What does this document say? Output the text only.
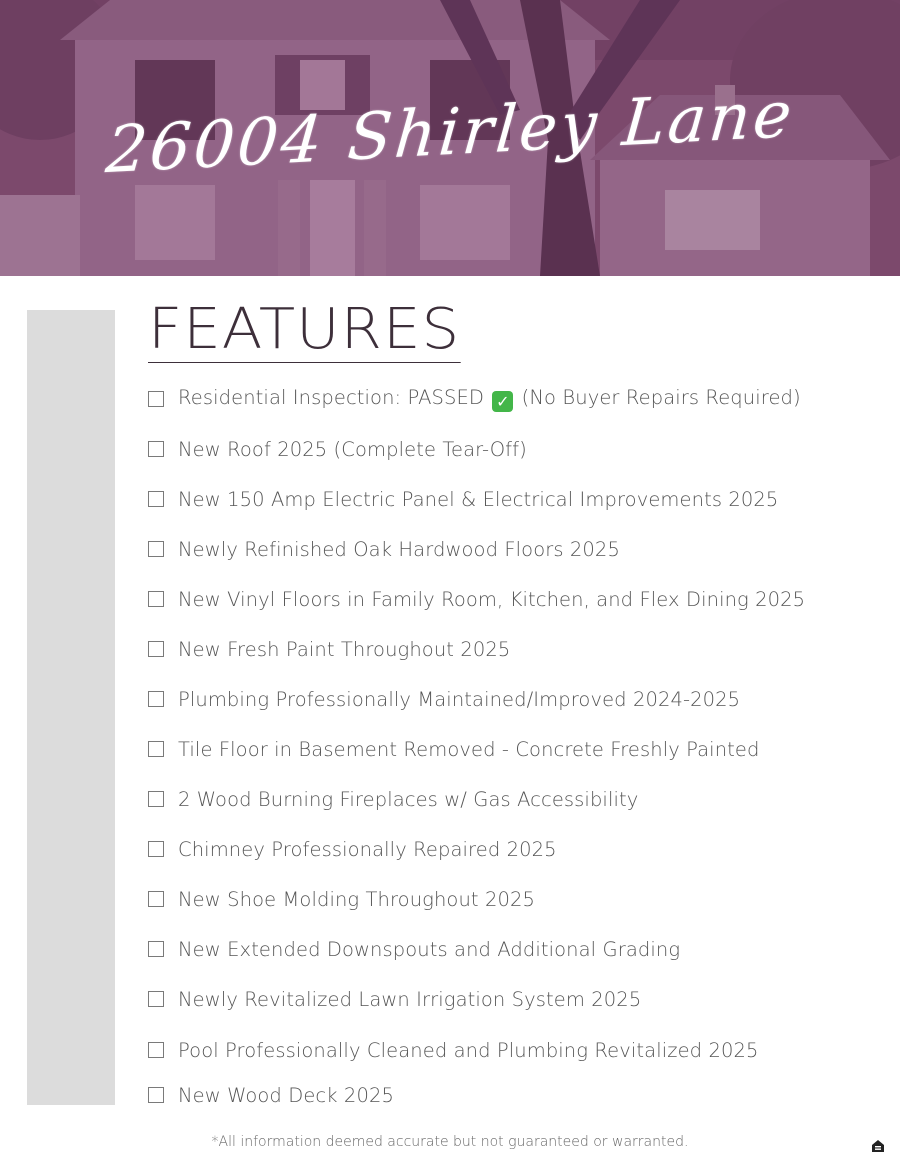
26004 Shirley Lane
FEATURES
Residential Inspection: PASSED ✓ (No Buyer Repairs Required)
New Roof 2025 (Complete Tear-Off)
New 150 Amp Electric Panel & Electrical Improvements 2025
Newly Refinished Oak Hardwood Floors 2025
New Vinyl Floors in Family Room, Kitchen, and Flex Dining 2025
New Fresh Paint Throughout 2025
Plumbing Professionally Maintained/Improved 2024-2025
Tile Floor in Basement Removed - Concrete Freshly Painted
2 Wood Burning Fireplaces w/ Gas Accessibility
Chimney Professionally Repaired 2025
New Shoe Molding Throughout 2025
New Extended Downspouts and Additional Grading
Newly Revitalized Lawn Irrigation System 2025
Pool Professionally Cleaned and Plumbing Revitalized 2025
New Wood Deck 2025
*All information deemed accurate but not guaranteed or warranted.
